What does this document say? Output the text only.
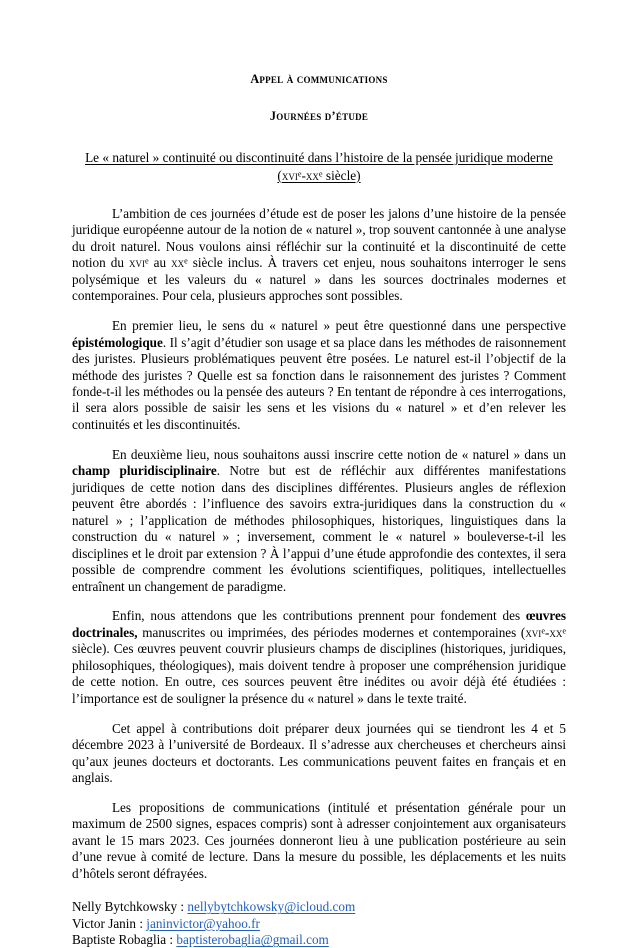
Appel à communications
Journées d’étude
Le « naturel » continuité ou discontinuité dans l’histoire de la pensée juridique moderne
($xvi^e-xx^e$ siècle)

L’ambition de ces journées d’étude est de poser les jalons d’une histoire de la pensée juridique européenne autour de la notion de « naturel », trop souvent cantonnée à une analyse du droit naturel. Nous voulons ainsi réfléchir sur la continuité et la discontinuité de cette notion du xvi$^e$ au $xx^e$ siècle inclus. À travers cet enjeu, nous souhaitons interroger le sens polysémique et les valeurs du « naturel » dans les sources doctrinales modernes et contemporaines. Pour cela, plusieurs approches sont possibles.

En premier lieu, le sens du « naturel » peut être questionné dans une perspective épistémologique. Il s’agit d’étudier son usage et sa place dans les méthodes de raisonnement des juristes. Plusieurs problématiques peuvent être posées. Le naturel est-il l’objectif de la méthode des juristes ? Quelle est sa fonction dans le raisonnement des juristes ? Comment fonde-t-il les méthodes ou la pensée des auteurs ? En tentant de répondre à ces interrogations, il sera alors possible de saisir les sens et les visions du « naturel » et d’en relever les continuités et les discontinuités.

En deuxième lieu, nous souhaitons aussi inscrire cette notion de « naturel » dans un champ pluridisciplinaire. Notre but est de réfléchir aux différentes manifestations juridiques de cette notion dans des disciplines différentes. Plusieurs angles de réflexion peuvent être abordés : l’influence des savoirs extra-juridiques dans la construction du « naturel » ; l’application de méthodes philosophiques, historiques, linguistiques dans la construction du « naturel » ; inversement, comment le « naturel » bouleverse-t-il les disciplines et le droit par extension ? À l’appui d’une étude approfondie des contextes, il sera possible de comprendre comment les évolutions scientifiques, politiques, intellectuelles entraînent un changement de paradigme.

Enfin, nous attendons que les contributions prennent pour fondement des œuvres doctrinales, manuscrites ou imprimées, des périodes modernes et contemporaines ($xvi^e-xx^e$ siècle). Ces œuvres peuvent couvrir plusieurs champs de disciplines (historiques, juridiques, philosophiques, théologiques), mais doivent tendre à proposer une compréhension juridique de cette notion. En outre, ces sources peuvent être inédites ou avoir déjà été étudiées : l’importance est de souligner la présence du « naturel » dans le texte traité.

Cet appel à contributions doit préparer deux journées qui se tiendront les 4 et 5 décembre 2023 à l’université de Bordeaux. Il s’adresse aux chercheuses et chercheurs ainsi qu’aux jeunes docteurs et doctorants. Les communications peuvent faites en français et en anglais.

Les propositions de communications (intitulé et présentation générale pour un maximum de 2500 signes, espaces compris) sont à adresser conjointement aux organisateurs avant le 15 mars 2023. Ces journées donneront lieu à une publication postérieure au sein d’une revue à comité de lecture. Dans la mesure du possible, les déplacements et les nuits d’hôtels seront défrayées.

Nelly Bytchkowsky : nellybytchkowsky@icloud.com
Victor Janin : janinvictor@yahoo.fr
Baptiste Robaglia : baptisterobaglia@gmail.com
